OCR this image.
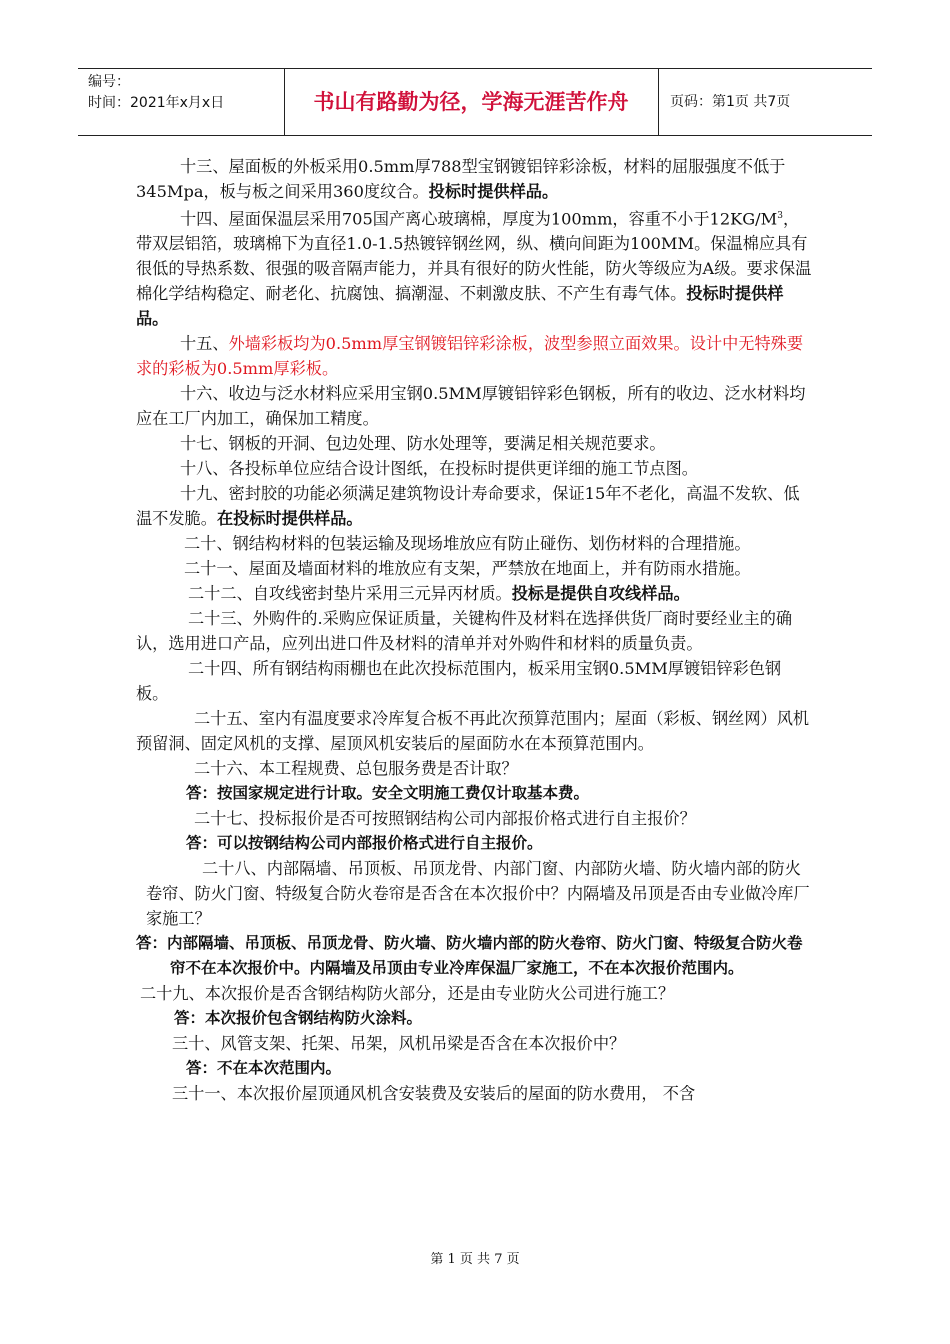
编号：
时间：2021年x月x日	书山有路勤为径，学海无涯苦作舟	页码：第1页 共7页

十三、屋面板的外板采用0.5mm厚788型宝钢镀铝锌彩涂板，材料的屈服强度不低于345Mpa，板与板之间采用360度纹合。投标时提供样品。

十四、屋面保温层采用705国产离心玻璃棉，厚度为100mm，容重不小于$12KG/M^3$，带双层铝箔，玻璃棉下为直径1.0-1.5热镀锌钢丝网，纵、横向间距为100MM。保温棉应具有很低的导热系数、很强的吸音隔声能力，并具有很好的防火性能，防火等级应为A级。要求保温棉化学结构稳定、耐老化、抗腐蚀、搞潮湿、不刺激皮肤、不产生有毒气体。投标时提供样品。

十五、外墙彩板均为0.5mm厚宝钢镀铝锌彩涂板，波型参照立面效果。设计中无特殊要求的彩板为0.5mm厚彩板。

十六、收边与泛水材料应采用宝钢0.5MM厚镀铝锌彩色钢板，所有的收边、泛水材料均应在工厂内加工，确保加工精度。

十七、钢板的开洞、包边处理、防水处理等，要满足相关规范要求。

十八、各投标单位应结合设计图纸，在投标时提供更详细的施工节点图。

十九、密封胶的功能必须满足建筑物设计寿命要求，保证15年不老化，高温不发软、低温不发脆。在投标时提供样品。

二十、钢结构材料的包装运输及现场堆放应有防止碰伤、划伤材料的合理措施。

二十一、屋面及墙面材料的堆放应有支架，严禁放在地面上，并有防雨水措施。

二十二、自攻线密封垫片采用三元异丙材质。投标是提供自攻线样品。

二十三、外购件的.采购应保证质量，关键构件及材料在选择供货厂商时要经业主的确认，选用进口产品，应列出进口件及材料的清单并对外购件和材料的质量负责。

二十四、所有钢结构雨棚也在此次投标范围内，板采用宝钢0.5MM厚镀铝锌彩色钢板。

二十五、室内有温度要求冷库复合板不再此次预算范围内；屋面（彩板、钢丝网）风机预留洞、固定风机的支撑、屋顶风机安装后的屋面防水在本预算范围内。

二十六、本工程规费、总包服务费是否计取？

答：按国家规定进行计取。安全文明施工费仅计取基本费。

二十七、投标报价是否可按照钢结构公司内部报价格式进行自主报价？

答：可以按钢结构公司内部报价格式进行自主报价。

二十八、内部隔墙、吊顶板、吊顶龙骨、内部门窗、内部防火墙、防火墙内部的防火卷帘、防火门窗、特级复合防火卷帘是否含在本次报价中？内隔墙及吊顶是否由专业做冷库厂家施工？

答：内部隔墙、吊顶板、吊顶龙骨、防火墙、防火墙内部的防火卷帘、防火门窗、特级复合防火卷帘不在本次报价中。内隔墙及吊顶由专业冷库保温厂家施工，不在本次报价范围内。

二十九、本次报价是否含钢结构防火部分，还是由专业防火公司进行施工？

答：本次报价包含钢结构防火涂料。

三十、风管支架、托架、吊架，风机吊梁是否含在本次报价中？

答：不在本次范围内。

三十一、本次报价屋顶通风机含安装费及安装后的屋面的防水费用， 不含

第 1 页 共 7 页
